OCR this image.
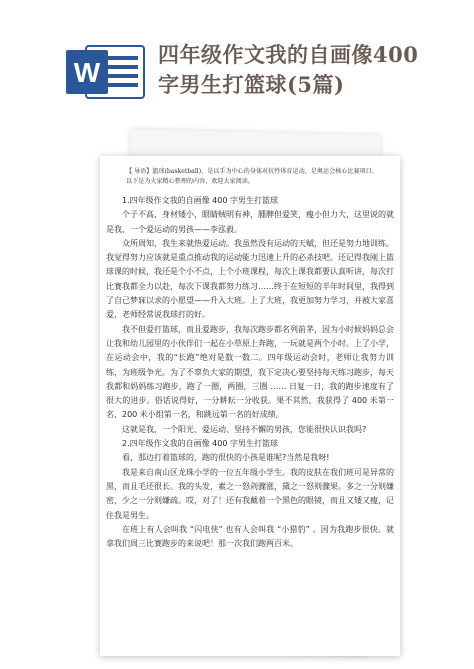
W
四年级作文我的自画像400
字男生打篮球(5篇)
【 导语】篮球(basketball)，是以手为中心的身体对抗性体育运动，是奥运会核心比赛项目。以下是为大家精心整理的内容，欢迎大家阅读。

1.四年级作文我的自画像 400 字男生打篮球

个子不高，身材矮小，眼睛贼明有神，腫脾但爱笑，瘦小但力大，这里说的就是我，一个爱运动的男孩——李泓毅。

众所周知，我生来就热爱运动。我虽然没有运动的天赋，但还是努力地训练。我觉得努力应该就是重点推动我的运动能力迅速上升的必杀技吧。还记得我刚上篮球课的时候，我还是个小不点，上个小班课程，每次上课我都要认真听讲，每次打比赛我都全力以赴，每次下课我都努力练习……终于在短短的半年时间里，我得到了自己梦寐以求的小愿望——升入大班。上了大班，我更加努力学习，并被大家喜爱，老师经常说我球打的好。

我不但爱打篮球，而且爱跑步，我每次跑步都名列前茅，因为小时候妈妈总会让我和幼儿园里的小伙伴们一起在小草原上奔跑，一玩就是两个小时。上了小学，在运动会中，我的“长跑”绝对是数一数二。四年级运动会时，老师让我努力训练，为班级争光。为了不辜负大家的期望，我下定决心要坚持每天练习跑步，每天我都和妈妈练习跑步，跑了一圈，两圈，三圈 …… 日复一日，我的跑步速度有了很大的进步。俗话说得好，一分耕耘一分收获。果不其然，我获得了 400 米第一名，200 米小组第一名，和跳远第一名的好成绩。

这就是我，一个阳光、爱运动、坚持不懈的男孩，您能很快认识我吗?

2.四年级作文我的自画像 400 字男生打篮球

看，那边打着篮球的，跑的很快的小孩是谁呢?当然是我呀!

我是来自南山区龙珠小学的一位五年级小学生。我的皮肤在我们班可是异常的黑，而且毛还很长。我的头发，素之一怒剑骤涨，黛之一怒则骤果。多之一分则嫌密，少之一分则嫌疏。哎，对了！还有我戴着一个黑色的眼镜，而且又矮又瘦，记住我是男生。

在班上有人会叫我 “闪电侠” 也有人会叫我 “小猎豹” 。因为我跑步很快。就拿我们周三比赛跑步的来说吧！那一次我们跑两百米。
